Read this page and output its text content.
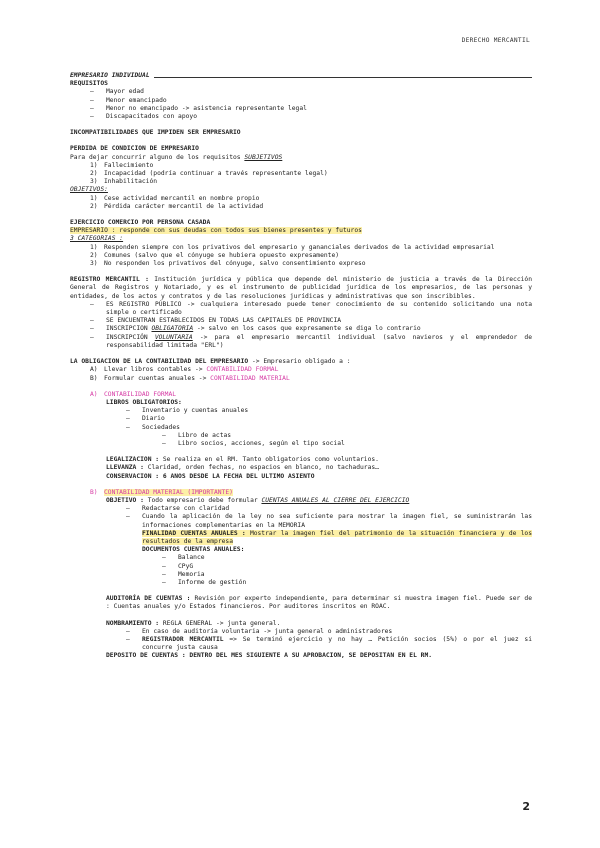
DERECHO MERCANTIL
EMPRESARIO INDIVIDUAL
REQUISITOS
– Mayor edad
– Menor emancipado
– Menor no emancipado -> asistencia representante legal
– Discapacitados con apoyo
INCOMPATIBILIDADES QUE IMPIDEN SER EMPRESARIO
PÉRDIDA DE CONDICIÓN DE EMPRESARIO
Para dejar concurrir alguno de los requisitos SUBJETIVOS
1) Fallecimiento
2) Incapacidad (podría continuar a través representante legal)
3) Inhabilitación
OBJETIVOS:
1) Cese actividad mercantil en nombre propio
2) Pérdida carácter mercantil de la actividad
EJERCICIO COMERCIO POR PERSONA CASADA
EMPRESARIO : responde con sus deudas con todos sus bienes presentes y futuros
3 CATEGORÍAS :
1)	Responden siempre con los privativos del empresario y gananciales derivados de la actividad empresarial
2) Comunes (salvo que el cónyuge se hubiera opuesto expresamente)
3) No responden los privativos del cónyuge, salvo consentimiento expreso
REGISTRO MERCANTIL : Institución jurídica y pública que depende del ministerio de justicia a través de la Dirección General de Registros y Notariado, y es el instrumento de publicidad jurídica de los empresarios, de las personas y entidades, de los actos y contratos y de las resoluciones jurídicas y administrativas que son inscribibles.
–	ES REGISTRO PÚBLICO -> cualquiera interesado puede tener conocimiento de su contenido solicitando una nota simple o certificado
– SE ENCUENTRAN ESTABLECIDOS EN TODAS LAS CAPITALES DE PROVINCIA
– INSCRIPCIÓN OBLIGATORIA -> salvo en los casos que expresamente se diga lo contrario
–	INSCRIPCIÓN VOLUNTARIA -> para el empresario mercantil individual (salvo navieros y el emprendedor de responsabilidad limitada "ERL")
LA OBLIGACIÓN DE LA CONTABILIDAD DEL EMPRESARIO -> Empresario obligado a :
A) Llevar libros contables -> CONTABILIDAD FORMAL
B) Formular cuentas anuales -> CONTABILIDAD MATERIAL
A) CONTABILIDAD FORMAL
LIBROS OBLIGATORIOS:
– Inventario y cuentas anuales
– Diario
– Sociedades
– Libro de actas
– Libro socios, acciones, según el tipo social
LEGALIZACIÓN : Se realiza en el RM. Tanto obligatorios como voluntarios.
LLEVANZA : Claridad, orden fechas, no espacios en blanco, no tachaduras…
CONSERVACIÓN : 6 AÑOS DESDE LA FECHA DEL ÚLTIMO ASIENTO
B) CONTABILIDAD MATERIAL (IMPORTANTE)
OBJETIVO : Todo empresario debe formular CUENTAS ANUALES AL CIERRE DEL EJERCICIO
– Redactarse con claridad
–	Cuando la aplicación de la ley no sea suficiente para mostrar la imagen fiel, se suministrarán las informaciones complementarias en la MEMORIA
FINALIDAD CUENTAS ANUALES : Mostrar la imagen fiel del patrimonio de la situación financiera y de los resultados de la empresa
DOCUMENTOS CUENTAS ANUALES:
– Balance
– CPyG
– Memoria
– Informe de gestión
AUDITORÍA DE CUENTAS : Revisión por experto independiente, para determinar si muestra imagen fiel. Puede ser de : Cuentas anuales y/o Estados financieros. Por auditores inscritos en ROAC.
NOMBRAMIENTO : REGLA GENERAL -> junta general.
– En caso de auditoría voluntaria -> junta general o administradores
–	REGISTRADOR MERCANTIL => Se terminó ejercicio y no hay … Petición socios (5%) o por el juez si concurre justa causa
DEPÓSITO DE CUENTAS : DENTRO DEL MES SIGUIENTE A SU APROBACIÓN, SE DEPOSITAN EN EL RM.
2
